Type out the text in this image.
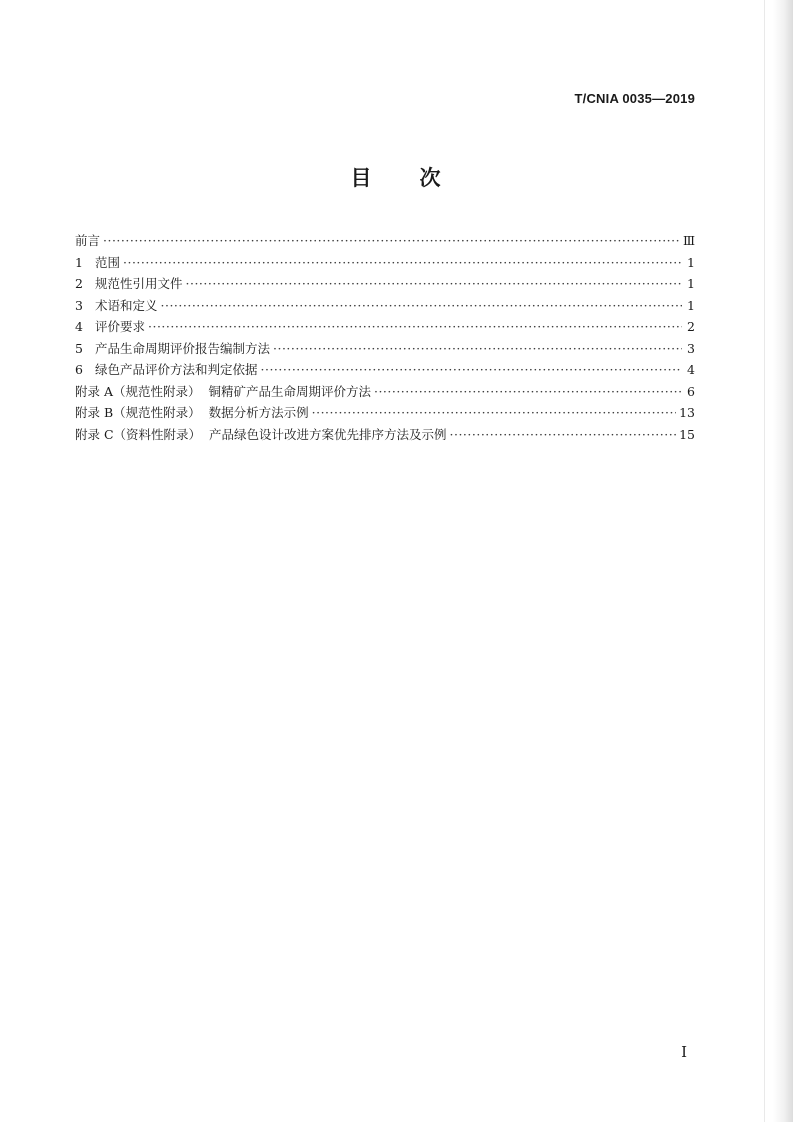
T/CNIA 0035—2019
目　　次
前言 ·····	Ⅲ
1 范围 ·····	1
2 规范性引用文件 ·····	1
3 术语和定义 ·····	1
4 评价要求 ·····	2
5 产品生命周期评价报告编制方法 ·····	3
6 绿色产品评价方法和判定依据 ·····	4
附录 A（规范性附录） 铜精矿产品生命周期评价方法 ·····	6
附录 B（规范性附录） 数据分析方法示例 ·····	13
附录 C（资料性附录） 产品绿色设计改进方案优先排序方法及示例 ·····	15
Ⅰ
